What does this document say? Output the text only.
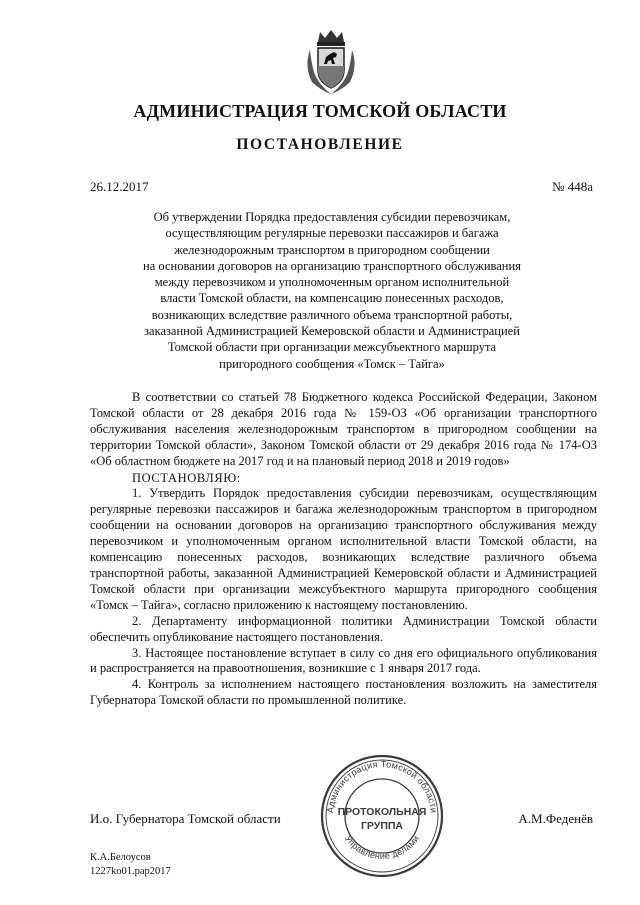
АДМИНИСТРАЦИЯ ТОМСКОЙ ОБЛАСТИ
ПОСТАНОВЛЕНИЕ
26.12.2017	№ 448а
Об утверждении Порядка предоставления субсидии перевозчикам,
осуществляющим регулярные перевозки пассажиров и багажа
железнодорожным транспортом в пригородном сообщении
на основании договоров на организацию транспортного обслуживания
между перевозчиком и уполномоченным органом исполнительной
власти Томской области, на компенсацию понесенных расходов,
возникающих вследствие различного объема транспортной работы,
заказанной Администрацией Кемеровской области и Администрацией
Томской области при организации межсубъектного маршрута
пригородного сообщения «Томск – Тайга»

В соответствии со статьей 78 Бюджетного кодекса Российской Федерации, Законом Томской области от 28 декабря 2016 года № 159-ОЗ «Об организации транспортного обслуживания населения железнодорожным транспортом в пригородном сообщении на территории Томской области», Законом Томской области от 29 декабря 2016 года № 174-ОЗ «Об областном бюджете на 2017 год и на плановый период 2018 и 2019 годов»

ПОСТАНОВЛЯЮ:

1. Утвердить Порядок предоставления субсидии перевозчикам, осуществляющим регулярные перевозки пассажиров и багажа железнодорожным транспортом в пригородном сообщении на основании договоров на организацию транспортного обслуживания между перевозчиком и уполномоченным органом исполнительной власти Томской области, на компенсацию понесенных расходов, возникающих вследствие различного объема транспортной работы, заказанной Администрацией Кемеровской области и Администрацией Томской области при организации межсубъектного маршрута пригородного сообщения «Томск – Тайга», согласно приложению к настоящему постановлению.

2. Департаменту информационной политики Администрации Томской области обеспечить опубликование настоящего постановления.

3. Настоящее постановление вступает в силу со дня его официального опубликования и распространяется на правоотношения, возникшие с 1 января 2017 года.

4. Контроль за исполнением настоящего постановления возложить на заместителя Губернатора Томской области по промышленной политике.

И.о. Губернатора Томской области	А.М.Феденёв
Администрация Томской области
Управление делами
ПРОТОКОЛЬНАЯ
ГРУППА
К.А.Белоусов
1227ko01.pap2017
